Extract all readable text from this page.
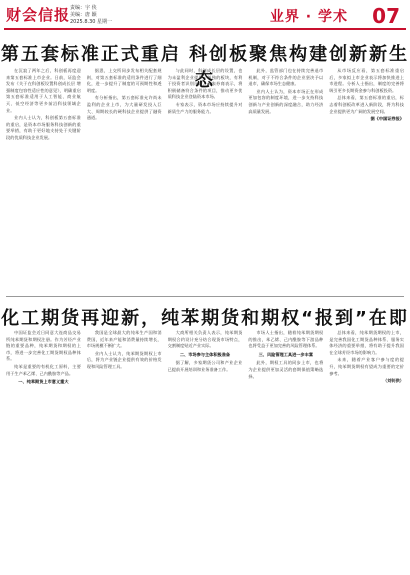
财会信报 责编：宇 侠
美编：唐 颖
2025.8.30 星期一	业界 · 学术 07
第五套标准正式重启 科创板聚焦构建创新新生态

在沉寂了两年之后，科创板再度迎来第五套标准上市企业。日前，证监会发布《关于在科创板设置科创成长层 增强制度包容性适应性的意见》，明确重启第五套标准适用于人工智能、商业航天、低空经济等更多前沿科技领域企业。

业内人士认为，科创板第五套标准的重启，是资本市场服务科技创新的重要举措，有助于更好地支持处于关键阶段的优质科技企业发展。

据悉，上交所同步发布相关配套规则，对第五套标准的适用条件进行了细化，进一步提升了制度的可预期性和透明度。

有分析指出，第五套标准允许尚未盈利的企业上市，为大量研发投入巨大、周期较长的硬科技企业提供了融资通道。

与此同时，科创成长层的设置，也为未盈利企业提供了单独的板块，有利于投资者识别风险。多家券商表示，将积极储备符合条件的项目，推动更多优质科技企业登陆资本市场。

专家表示，资本市场应持续提升对新质生产力的服务能力。

此外，监管部门也在持续完善退市机制，对于不符合条件的企业坚决予以退市，确保市场生态健康。

业内人士认为，资本市场正在形成更加包容的制度环境，进一步支持科技创新与产业创新的深度融合，助力经济高质量发展。

从市场反应看，第五套标准重启后，多家拟上市企业表示将加快推进上市进程。分析人士指出，制度的完善将吸引更多长期资金参与科创板投资。

总体来看，第五套标准的重启，标志着科创板改革进入新阶段，将为科技企业提供更为广阔的发展空间。

据《中国证券报》
化工期货再迎新，纯苯期货和期权“报到”在即

中国证监会近日同意大连商品交易所纯苯期货和期权注册。作为芳烃产业链的重要品种，纯苯期货和期权的上市，将进一步完善化工期货期权品种体系。

纯苯是重要的有机化工原料，主要用于生产苯乙烯、己内酰胺等产品。

一、纯苯期货上市意义重大

我国是全球最大的纯苯生产国和消费国，近年来产能和消费量持续增长，市场规模不断扩大。

业内人士认为，纯苯期货期权上市后，将为产业链企业提供有效的价格发现和风险管理工具。

大商所相关负责人表示，纯苯期货期权合约设计充分结合现货市场特点，交割制度贴近产业实际。

二、市场参与主体积极准备

据了解，多家期货公司和产业企业已提前开展培训和业务准备工作。

市场人士指出，随着纯苯期货期权的推出，苯乙烯、己内酰胺等下游品种也将受益于更加完善的风险管理体系。

三、风险管理工具进一步丰富

此外，期权工具的同步上市，也将为企业提供更加灵活的套期保值策略选择。

总体来看，纯苯期货期权的上市，是完善我国化工期货品种体系、服务实体经济的重要举措，将有助于提升我国在全球芳烃市场的影响力。

未来，随着产业客户参与度的提升，纯苯期货期权有望成为重要的定价参考。

（刘钊供）
